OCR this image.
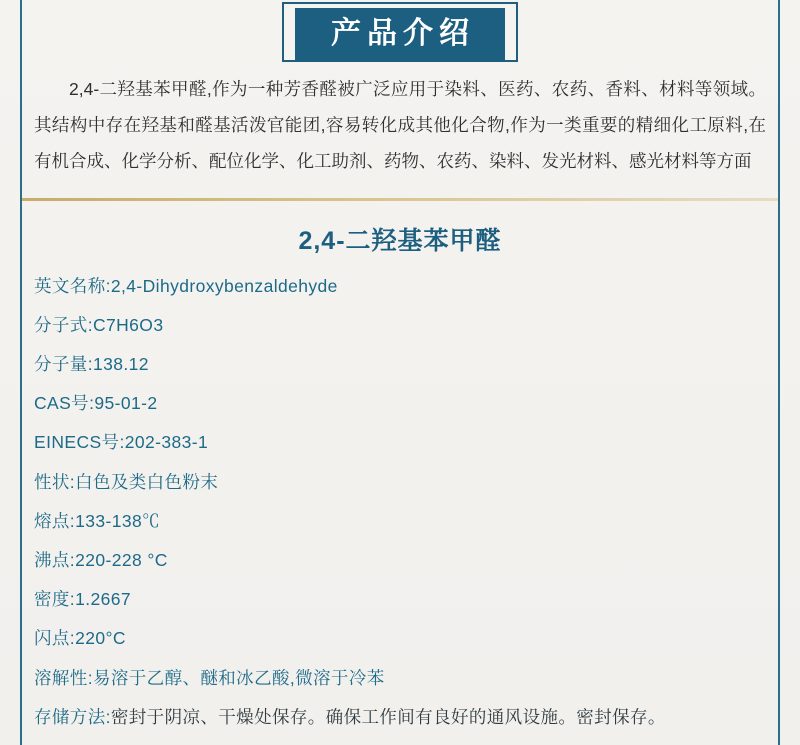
产品介绍
2,4-二羟基苯甲醛,作为一种芳香醛被广泛应用于染料、医药、农药、香料、材料等领域。其结构中存在羟基和醛基活泼官能团,容易转化成其他化合物,作为一类重要的精细化工原料,在有机合成、化学分析、配位化学、化工助剂、药物、农药、染料、发光材料、感光材料等方面
2,4-二羟基苯甲醛
英文名称:2,4-Dihydroxybenzaldehyde
分子式:C7H6O3
分子量:138.12
CAS号:95-01-2
EINECS号:202-383-1
性状:白色及类白色粉末
熔点:133-138℃
沸点:220-228 °C
密度:1.2667
闪点:220°C
溶解性:易溶于乙醇、醚和冰乙酸,微溶于冷苯
存储方法:密封于阴凉、干燥处保存。确保工作间有良好的通风设施。密封保存。
